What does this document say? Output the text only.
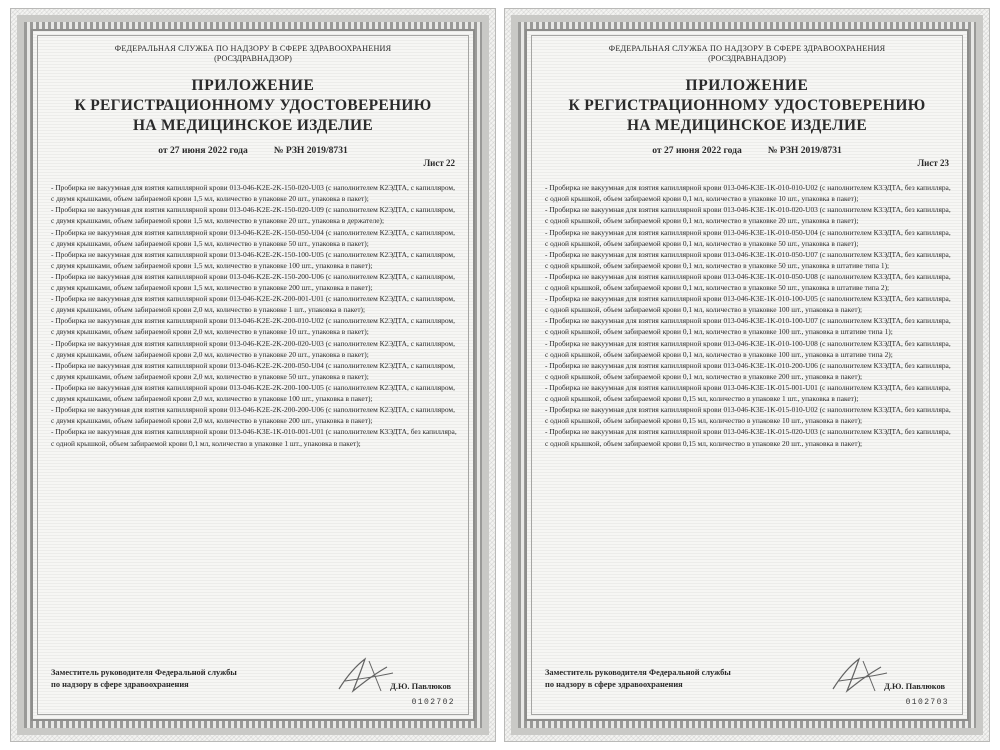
ФЕДЕРАЛЬНАЯ СЛУЖБА ПО НАДЗОРУ В СФЕРЕ ЗДРАВООХРАНЕНИЯ
(РОСЗДРАВНАДЗОР)
ПРИЛОЖЕНИЕ
К РЕГИСТРАЦИОННОМУ УДОСТОВЕРЕНИЮ
НА МЕДИЦИНСКОЕ ИЗДЕЛИЕ
от 27 июня 2022 года	№ РЗН 2019/8731
Лист 22
- Пробирка не вакуумная для взятия капиллярной крови 013-046-K2E-2K-150-020-U03 (с наполнителем К2ЭДТА, с капилляром, с двумя крышками, объем забираемой крови 1,5 мл, количество в упаковке 20 шт., упаковка в пакет);
- Пробирка не вакуумная для взятия капиллярной крови 013-046-K2E-2K-150-020-U09 (с наполнителем К2ЭДТА, с капилляром, с двумя крышками, объем забираемой крови 1,5 мл, количество в упаковке 20 шт., упаковка в держателе);
- Пробирка не вакуумная для взятия капиллярной крови 013-046-K2E-2K-150-050-U04 (с наполнителем К2ЭДТА, с капилляром, с двумя крышками, объем забираемой крови 1,5 мл, количество в упаковке 50 шт., упаковка в пакет);
- Пробирка не вакуумная для взятия капиллярной крови 013-046-K2E-2K-150-100-U05 (с наполнителем К2ЭДТА, с капилляром, с двумя крышками, объем забираемой крови 1,5 мл, количество в упаковке 100 шт., упаковка в пакет);
- Пробирка не вакуумная для взятия капиллярной крови 013-046-K2E-2K-150-200-U06 (с наполнителем К2ЭДТА, с капилляром, с двумя крышками, объем забираемой крови 1,5 мл, количество в упаковке 200 шт., упаковка в пакет);
- Пробирка не вакуумная для взятия капиллярной крови 013-046-K2E-2K-200-001-U01 (с наполнителем К2ЭДТА, с капилляром, с двумя крышками, объем забираемой крови 2,0 мл, количество в упаковке 1 шт., упаковка в пакет);
- Пробирка не вакуумная для взятия капиллярной крови 013-046-K2E-2K-200-010-U02 (с наполнителем К2ЭДТА, с капилляром, с двумя крышками, объем забираемой крови 2,0 мл, количество в упаковке 10 шт., упаковка в пакет);
- Пробирка не вакуумная для взятия капиллярной крови 013-046-K2E-2K-200-020-U03 (с наполнителем К2ЭДТА, с капилляром, с двумя крышками, объем забираемой крови 2,0 мл, количество в упаковке 20 шт., упаковка в пакет);
- Пробирка не вакуумная для взятия капиллярной крови 013-046-K2E-2K-200-050-U04 (с наполнителем К2ЭДТА, с капилляром, с двумя крышками, объем забираемой крови 2,0 мл, количество в упаковке 50 шт., упаковка в пакет);
- Пробирка не вакуумная для взятия капиллярной крови 013-046-K2E-2K-200-100-U05 (с наполнителем К2ЭДТА, с капилляром, с двумя крышками, объем забираемой крови 2,0 мл, количество в упаковке 100 шт., упаковка в пакет);
- Пробирка не вакуумная для взятия капиллярной крови 013-046-K2E-2K-200-200-U06 (с наполнителем К2ЭДТА, с капилляром, с двумя крышками, объем забираемой крови 2,0 мл, количество в упаковке 200 шт., упаковка в пакет);
- Пробирка не вакуумная для взятия капиллярной крови 013-046-K3E-1K-010-001-U01 (с наполнителем К3ЭДТА, без капилляра, с одной крышкой, объем забираемой крови 0,1 мл, количество в упаковке 1 шт., упаковка в пакет);
Заместитель руководителя Федеральной службы
по надзору в сфере здравоохранения	Д.Ю. Павлюков
0102702
ФЕДЕРАЛЬНАЯ СЛУЖБА ПО НАДЗОРУ В СФЕРЕ ЗДРАВООХРАНЕНИЯ
(РОСЗДРАВНАДЗОР)
ПРИЛОЖЕНИЕ
К РЕГИСТРАЦИОННОМУ УДОСТОВЕРЕНИЮ
НА МЕДИЦИНСКОЕ ИЗДЕЛИЕ
от 27 июня 2022 года	№ РЗН 2019/8731
Лист 23
- Пробирка не вакуумная для взятия капиллярной крови 013-046-K3E-1K-010-010-U02 (с наполнителем К3ЭДТА, без капилляра, с одной крышкой, объем забираемой крови 0,1 мл, количество в упаковке 10 шт., упаковка в пакет);
- Пробирка не вакуумная для взятия капиллярной крови 013-046-K3E-1K-010-020-U03 (с наполнителем К3ЭДТА, без капилляра, с одной крышкой, объем забираемой крови 0,1 мл, количество в упаковке 20 шт., упаковка в пакет);
- Пробирка не вакуумная для взятия капиллярной крови 013-046-K3E-1K-010-050-U04 (с наполнителем К3ЭДТА, без капилляра, с одной крышкой, объем забираемой крови 0,1 мл, количество в упаковке 50 шт., упаковка в пакет);
- Пробирка не вакуумная для взятия капиллярной крови 013-046-K3E-1K-010-050-U07 (с наполнителем К3ЭДТА, без капилляра, с одной крышкой, объем забираемой крови 0,1 мл, количество в упаковке 50 шт., упаковка в штативе типа 1);
- Пробирка не вакуумная для взятия капиллярной крови 013-046-K3E-1K-010-050-U08 (с наполнителем К3ЭДТА, без капилляра, с одной крышкой, объем забираемой крови 0,1 мл, количество в упаковке 50 шт., упаковка в штативе типа 2);
- Пробирка не вакуумная для взятия капиллярной крови 013-046-K3E-1K-010-100-U05 (с наполнителем К3ЭДТА, без капилляра, с одной крышкой, объем забираемой крови 0,1 мл, количество в упаковке 100 шт., упаковка в пакет);
- Пробирка не вакуумная для взятия капиллярной крови 013-046-K3E-1K-010-100-U07 (с наполнителем К3ЭДТА, без капилляра, с одной крышкой, объем забираемой крови 0,1 мл, количество в упаковке 100 шт., упаковка в штативе типа 1);
- Пробирка не вакуумная для взятия капиллярной крови 013-046-K3E-1K-010-100-U08 (с наполнителем К3ЭДТА, без капилляра, с одной крышкой, объем забираемой крови 0,1 мл, количество в упаковке 100 шт., упаковка в штативе типа 2);
- Пробирка не вакуумная для взятия капиллярной крови 013-046-K3E-1K-010-200-U06 (с наполнителем К3ЭДТА, без капилляра, с одной крышкой, объем забираемой крови 0,1 мл, количество в упаковке 200 шт., упаковка в пакет);
- Пробирка не вакуумная для взятия капиллярной крови 013-046-K3E-1K-015-001-U01 (с наполнителем К3ЭДТА, без капилляра, с одной крышкой, объем забираемой крови 0,15 мл, количество в упаковке 1 шт., упаковка в пакет);
- Пробирка не вакуумная для взятия капиллярной крови 013-046-K3E-1K-015-010-U02 (с наполнителем К3ЭДТА, без капилляра, с одной крышкой, объем забираемой крови 0,15 мл, количество в упаковке 10 шт., упаковка в пакет);
- Пробирка не вакуумная для взятия капиллярной крови 013-046-K3E-1K-015-020-U03 (с наполнителем К3ЭДТА, без капилляра, с одной крышкой, объем забираемой крови 0,15 мл, количество в упаковке 20 шт., упаковка в пакет);
Заместитель руководителя Федеральной службы
по надзору в сфере здравоохранения	Д.Ю. Павлюков
0102703
